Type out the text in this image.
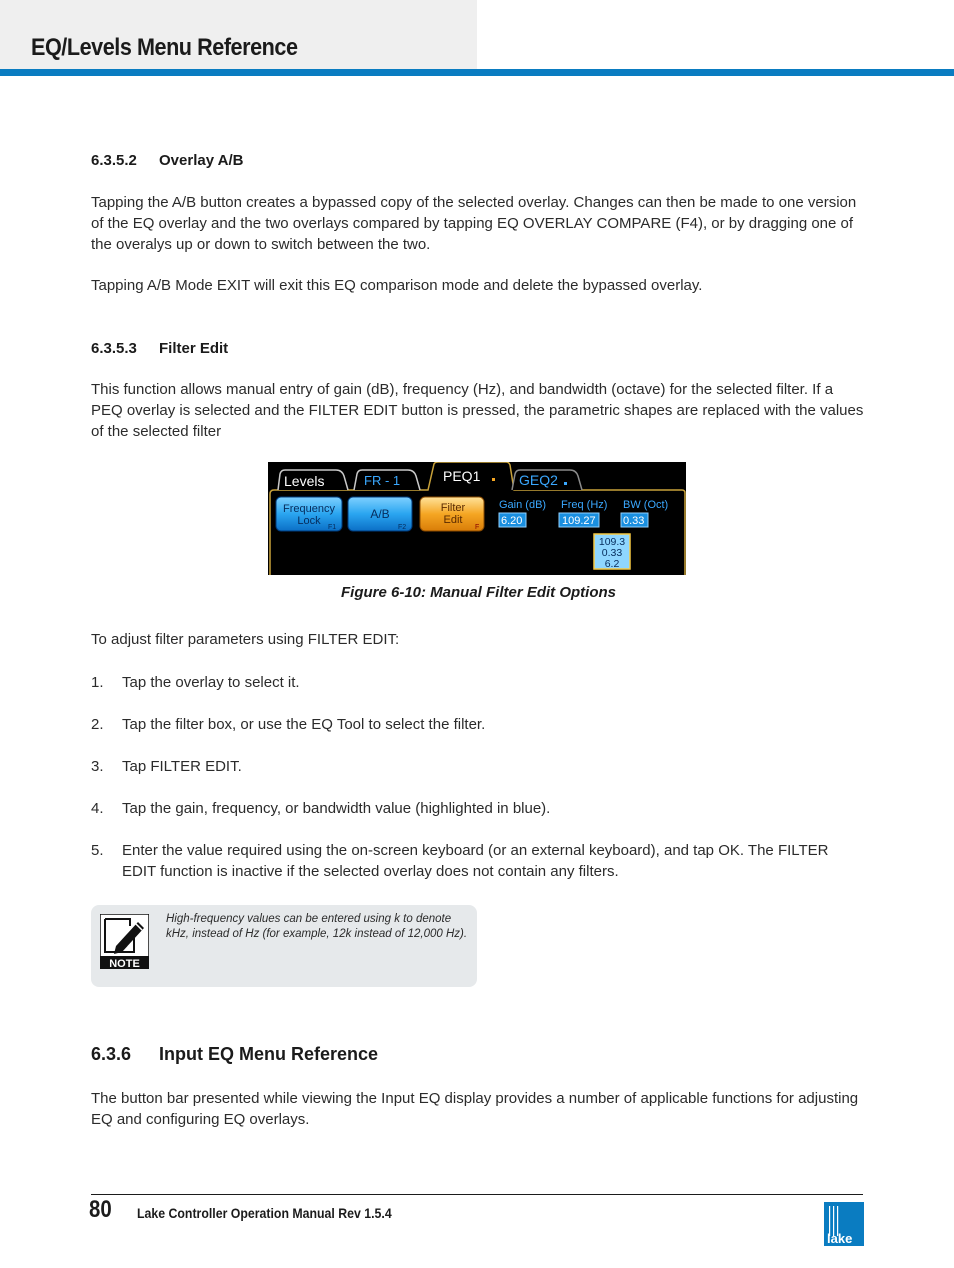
EQ/Levels Menu Reference
6.3.5.2 Overlay A/B

Tapping the A/B button creates a bypassed copy of the selected overlay. Changes can then be made to one version of the EQ overlay and the two overlays compared by tapping EQ OVERLAY COMPARE (F4), or by dragging one of the overalys up or down to switch between the two.

Tapping A/B Mode EXIT will exit this EQ comparison mode and delete the bypassed overlay.

6.3.5.3 Filter Edit

This function allows manual entry of gain (dB), frequency (Hz), and bandwidth (octave) for the selected filter. If a PEQ overlay is selected and the FILTER EDIT button is pressed, the parametric shapes are replaced with the values of the selected filter

Levels	FR - 1	PEQ1	GEQ2
Frequency
Lock
F1
A/B
F2
Filter
Edit
F
Gain (dB) Freq (Hz) BW (Oct)
6.20	109.27 0.33
109.3
0.33
6.2

Figure 6-10: Manual Filter Edit Options

To adjust filter parameters using FILTER EDIT:

1. Tap the overlay to select it.
2. Tap the filter box, or use the EQ Tool to select the filter.
3. Tap FILTER EDIT.
4. Tap the gain, frequency, or bandwidth value (highlighted in blue).
5. Enter the value required using the on-screen keyboard (or an external keyboard), and tap OK. The FILTER EDIT function is inactive if the selected overlay does not contain any filters.
NOTE

High-frequency values can be entered using k to denote kHz, instead of Hz (for example, 12k instead of 12,000 Hz).

6.3.6 Input EQ Menu Reference

The button bar presented while viewing the Input EQ display provides a number of applicable functions for adjusting EQ and configuring EQ overlays.

80 Lake Controller Operation Manual Rev 1.5.4

lake
